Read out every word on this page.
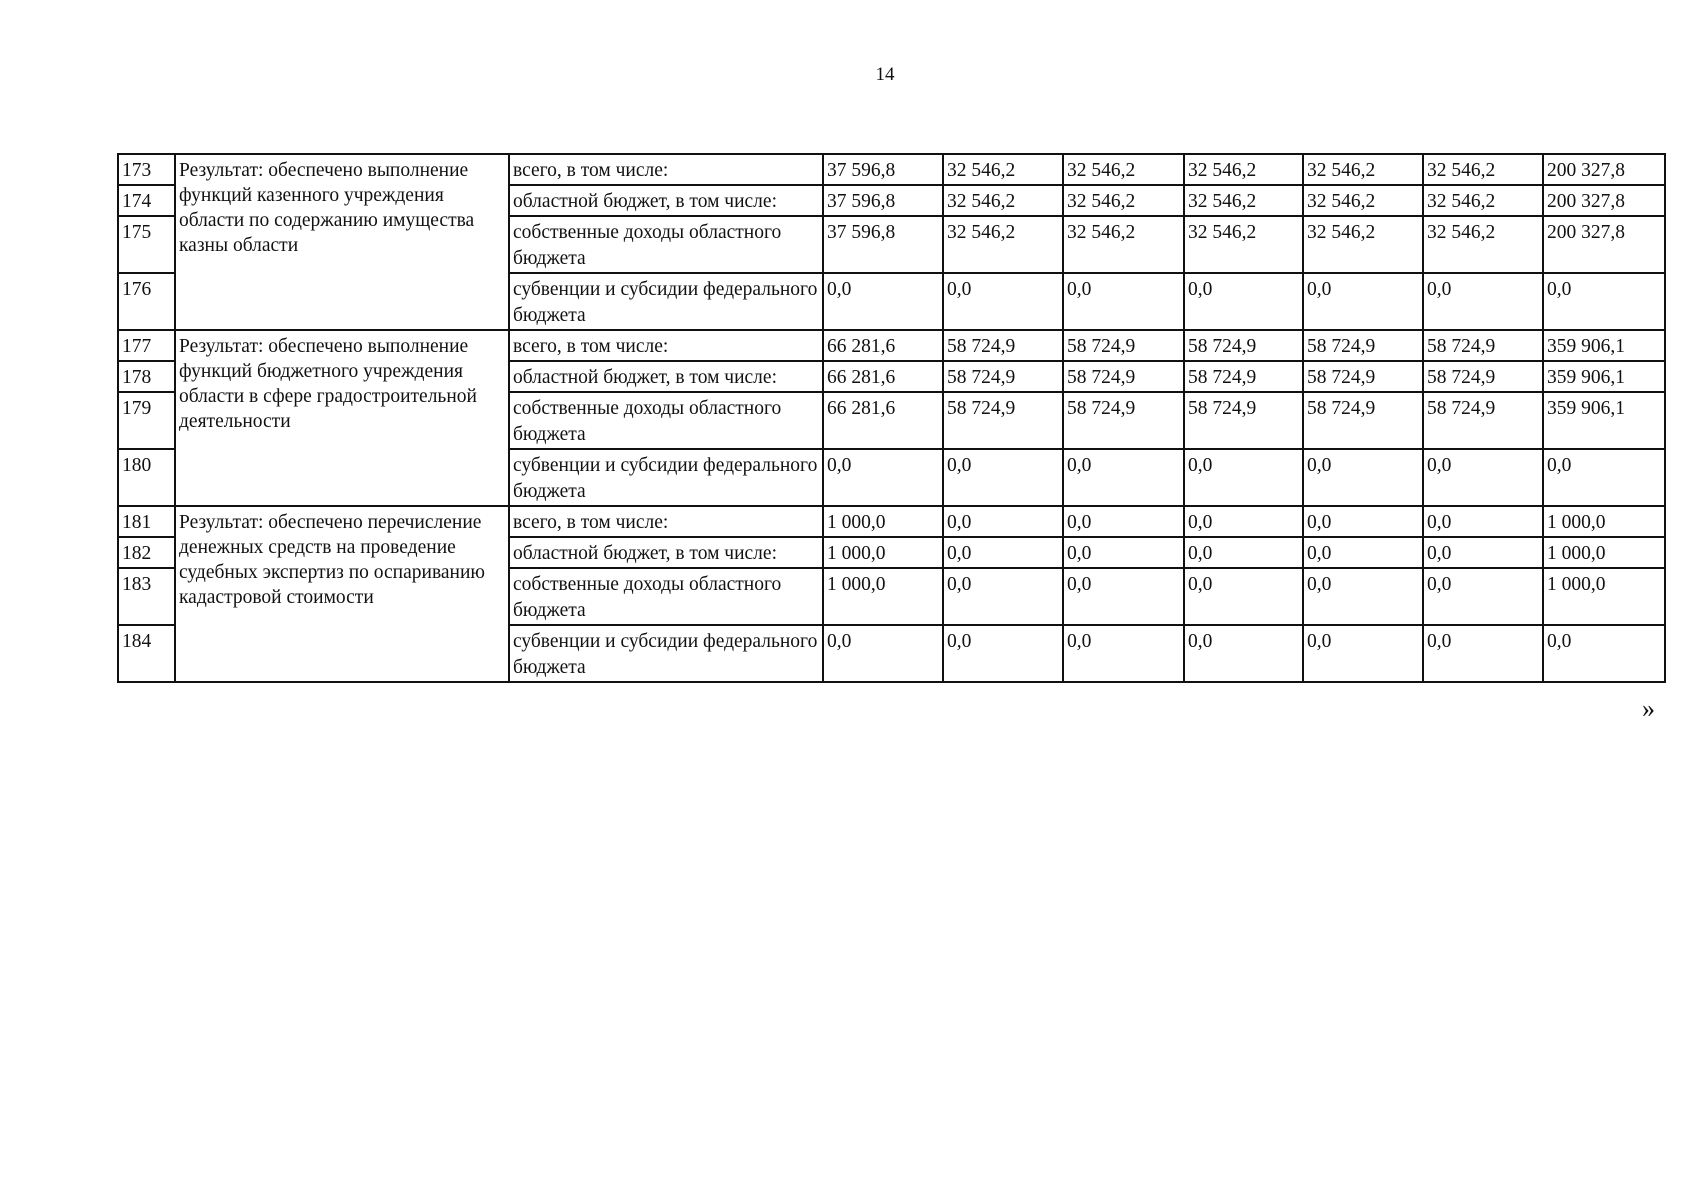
14
173	Результат: обеспечено выполнение функций казенного учреждения области по содержанию имущества казны области	всего, в том числе:	37 596,8	32 546,2	32 546,2	32 546,2	32 546,2	32 546,2	200 327,8
174		областной бюджет, в том числе:	37 596,8	32 546,2	32 546,2	32 546,2	32 546,2	32 546,2	200 327,8
175		собственные доходы областного бюджета	37 596,8	32 546,2	32 546,2	32 546,2	32 546,2	32 546,2	200 327,8
176		субвенции и субсидии федерального бюджета	0,0	0,0	0,0	0,0	0,0	0,0	0,0
177	Результат: обеспечено выполнение функций бюджетного учреждения области в сфере градостроительной деятельности	всего, в том числе:	66 281,6	58 724,9	58 724,9	58 724,9	58 724,9	58 724,9	359 906,1
178		областной бюджет, в том числе:	66 281,6	58 724,9	58 724,9	58 724,9	58 724,9	58 724,9	359 906,1
179		собственные доходы областного бюджета	66 281,6	58 724,9	58 724,9	58 724,9	58 724,9	58 724,9	359 906,1
180		субвенции и субсидии федерального бюджета	0,0	0,0	0,0	0,0	0,0	0,0	0,0
181	Результат: обеспечено перечисление денежных средств на проведение судебных экспертиз по оспариванию кадастровой стоимости	всего, в том числе:	1 000,0	0,0	0,0	0,0	0,0	0,0	1 000,0
182		областной бюджет, в том числе:	1 000,0	0,0	0,0	0,0	0,0	0,0	1 000,0
183		собственные доходы областного бюджета	1 000,0	0,0	0,0	0,0	0,0	0,0	1 000,0
184		субвенции и субсидии федерального бюджета	0,0	0,0	0,0	0,0	0,0	0,0	0,0
»
